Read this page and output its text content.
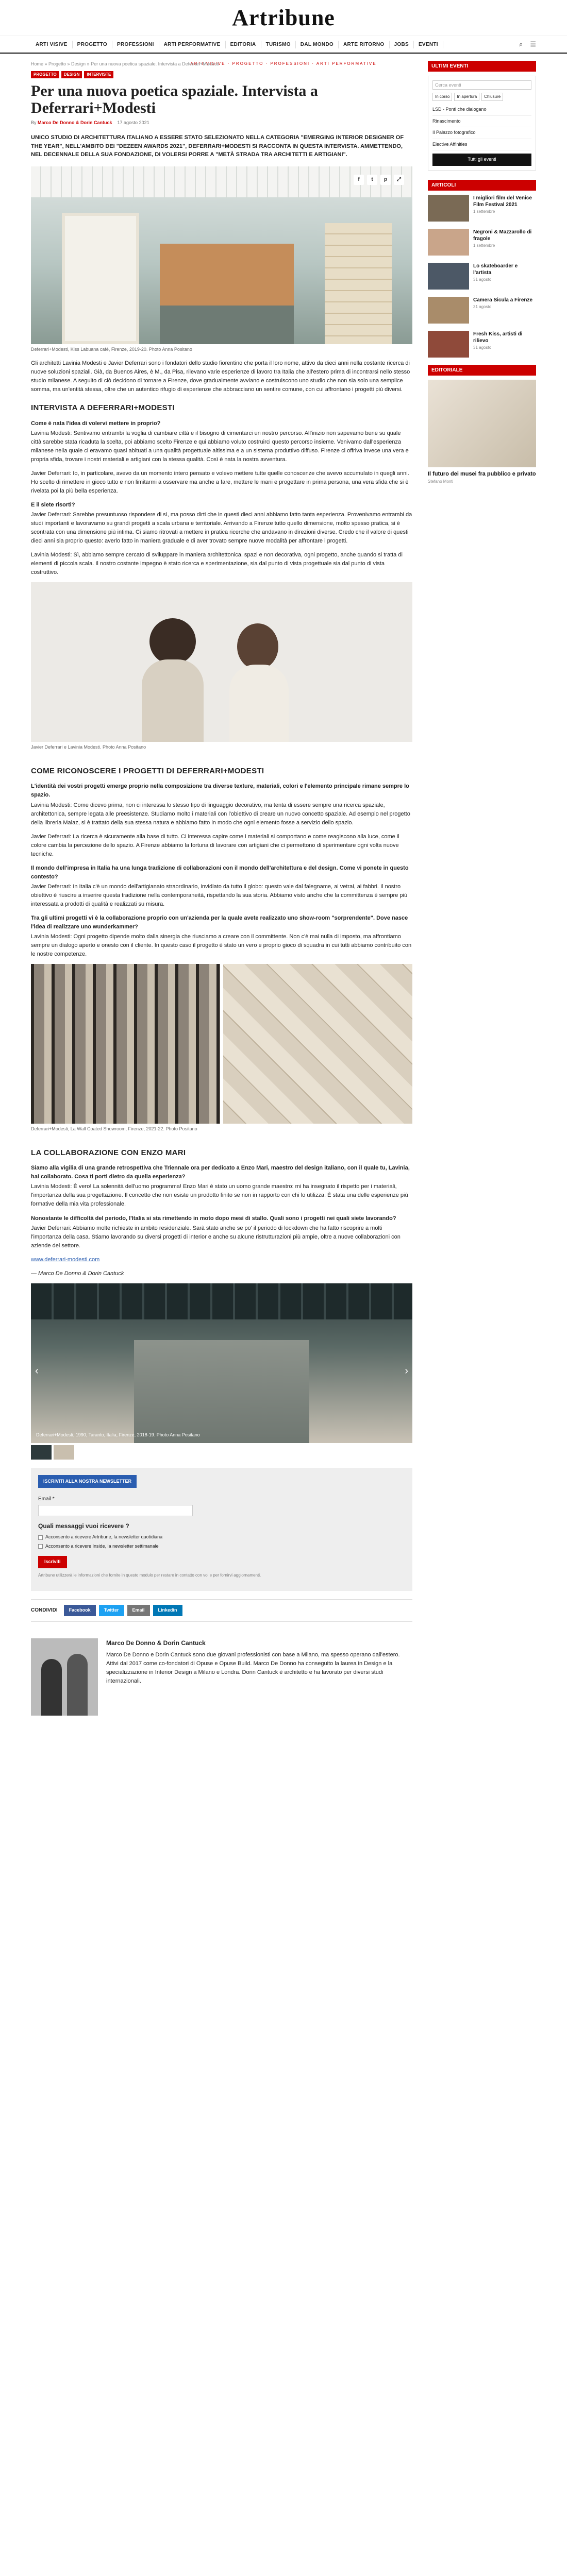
Artribune
ARTI VISIVE · PROGETTO · PROFESSIONI · ARTI PERFORMATIVE
ARTI VISIVE	PROGETTO	PROFESSIONI	ARTI PERFORMATIVE	EDITORIA	TURISMO	DAL MONDO	ARTE RITORNO	JOBS	EVENTI	⌕ ☰
Home » Progetto » Design » Per una nuova poetica spaziale. Intervista a Deferrari+Modesti
PROGETTO	DESIGN	INTERVISTE
Per una nuova poetica spaziale. Intervista a Deferrari+Modesti
By Marco De Donno & Dorin Cantuck 17 agosto 2021
UNICO STUDIO DI ARCHITETTURA ITALIANO A ESSERE STATO SELEZIONATO NELLA CATEGORIA "EMERGING INTERIOR DESIGNER OF THE YEAR", NELL'AMBITO DEI "DEZEEN AWARDS 2021", DEFERRARI+MODESTI SI RACCONTA IN QUESTA INTERVISTA. AMMETTENDO, NEL DECENNALE DELLA SUA FONDAZIONE, DI VOLERSI PORRE A "METÀ STRADA TRA ARCHITETTI E ARTIGIANI".
f	t	p	⤢
Deferrari+Modesti, Kiss Labuana café, Firenze, 2019-20. Photo Anna Positano

Gli architetti Lavinia Modesti e Javier Deferrari sono i fondatori dello studio fiorentino che porta il loro nome, attivo da dieci anni nella costante ricerca di nuove soluzioni spaziali. Già, da Buenos Aires, è M., da Pisa, rilevano varie esperienze di lavoro tra Italia che all'estero prima di incontrarsi nello stesso studio milanese. A seguito di ciò decidono di tornare a Firenze, dove gradualmente avviano e costruiscono uno studio che non sia solo una semplice somma, ma un'entità stessa, oltre che un autentico rifugio di esperienze che abbracciano un sentire comune, con cui affrontano i progetti più diversi.

INTERVISTA A DEFERRARI+MODESTI

Come è nata l'idea di volervi mettere in proprio?

Lavinia Modesti: Sentivamo entrambi la voglia di cambiare città e il bisogno di cimentarci un nostro percorso. All'inizio non sapevamo bene su quale città sarebbe stata ricaduta la scelta, poi abbiamo scelto Firenze e qui abbiamo voluto costruirci questo percorso insieme. Venivamo dall'esperienza milanese nella quale ci eravamo quasi abituati a una qualità progettuale altissima e a un sistema produttivo diffuso. Firenze ci offriva invece una vera e propria sfida, trovare i nostri materiali e artigiani con la stessa qualità. Così è nata la nostra avventura.

Javier Deferrari: Io, in particolare, avevo da un momento intero pensato e volevo mettere tutte quelle conoscenze che avevo accumulato in quegli anni. Ho scelto di rimettere in gioco tutto e non limitarmi a osservare ma anche a fare, mettere le mani e progettare in prima persona, una vera sfida che si è rivelata poi la più bella esperienza.

E il siete risorti?

Javier Deferrari: Sarebbe presuntuoso rispondere di sì, ma posso dirti che in questi dieci anni abbiamo fatto tanta esperienza. Provenivamo entrambi da studi importanti e lavoravamo su grandi progetti a scala urbana e territoriale. Arrivando a Firenze tutto quello dimensione, molto spesso pratica, si è scontrata con una dimensione più intima. Ci siamo ritrovati a mettere in pratica ricerche che andavano in direzioni diverse. Credo che il valore di questi dieci anni sia proprio questo: averlo fatto in maniera graduale e di aver trovato sempre nuove modalità per affrontare i progetti.

Lavinia Modesti: Sì, abbiamo sempre cercato di sviluppare in maniera architettonica, spazi e non decorativa, ogni progetto, anche quando si tratta di elementi di piccola scala. Il nostro costante impegno è stato ricerca e sperimentazione, sia dal punto di vista progettuale sia dal punto di vista costruttivo.

Javier Deferrari e Lavinia Modesti. Photo Anna Positano
COME RICONOSCERE I PROGETTI DI DEFERRARI+MODESTI

L'identità dei vostri progetti emerge proprio nella composizione tra diverse texture, materiali, colori e l'elemento principale rimane sempre lo spazio.

Lavinia Modesti: Come dicevo prima, non ci interessa lo stesso tipo di linguaggio decorativo, ma tenta di essere sempre una ricerca spaziale, architettonica, sempre legata alle preesistenze. Studiamo molto i materiali con l'obiettivo di creare un nuovo concetto spaziale. Ad esempio nel progetto della libreria Malaz, si è trattato della sua stessa natura e abbiamo fatto in modo che ogni elemento fosse a servizio dello spazio.

Javier Deferrari: La ricerca è sicuramente alla base di tutto. Ci interessa capire come i materiali si comportano e come reagiscono alla luce, come il colore cambia la percezione dello spazio. A Firenze abbiamo la fortuna di lavorare con artigiani che ci permettono di sperimentare ogni volta nuove tecniche.

Il mondo dell'impresa in Italia ha una lunga tradizione di collaborazioni con il mondo dell'architettura e del design. Come vi ponete in questo contesto?

Javier Deferrari: In Italia c'è un mondo dell'artigianato straordinario, invidiato da tutto il globo: questo vale dal falegname, ai vetrai, ai fabbri. Il nostro obiettivo è riuscire a inserire questa tradizione nella contemporaneità, rispettando la sua storia. Abbiamo visto anche che la committenza è sempre più interessata a prodotti di qualità e realizzati su misura.

Tra gli ultimi progetti vi è la collaborazione proprio con un'azienda per la quale avete realizzato uno show-room "sorprendente". Dove nasce l'idea di realizzare uno wunderkammer?

Lavinia Modesti: Ogni progetto dipende molto dalla sinergia che riusciamo a creare con il committente. Non c'è mai nulla di imposto, ma affrontiamo sempre un dialogo aperto e onesto con il cliente. In questo caso il progetto è stato un vero e proprio gioco di squadra in cui tutti abbiamo contribuito con le nostre competenze.

Deferrari+Modesti, La Wall Coated Showroom, Firenze, 2021-22. Photo Positano
LA COLLABORAZIONE CON ENZO MARI

Siamo alla vigilia di una grande retrospettiva che Triennale ora per dedicato a Enzo Mari, maestro del design italiano, con il quale tu, Lavinia, hai collaborato. Cosa ti porti dietro da quella esperienza?

Lavinia Modesti: È vero! La solennità dell'uomo programma! Enzo Mari è stato un uomo grande maestro: mi ha insegnato il rispetto per i materiali, l'importanza della sua progettazione. Il concetto che non esiste un prodotto finito se non in rapporto con chi lo utilizza. È stata una delle esperienze più formative della mia vita professionale.

Nonostante le difficoltà del periodo, l'Italia si sta rimettendo in moto dopo mesi di stallo. Quali sono i progetti nei quali siete lavorando?

Javier Deferrari: Abbiamo molte richieste in ambito residenziale. Sarà stato anche se po' il periodo di lockdown che ha fatto riscoprire a molti l'importanza della casa. Stiamo lavorando su diversi progetti di interior e anche su alcune ristrutturazioni più ampie, oltre a nuove collaborazioni con aziende del settore.

www.deferrari-modesti.com

— Marco De Donno & Dorin Cantuck

Deferrari+Modesti, 1990, Taranto, Italia, Firenze, 2018-19. Photo Anna Positano
‹	›
ISCRIVITI ALLA NOSTRA NEWSLETTER
Email *
Quali messaggi vuoi ricevere ?
Acconsento a ricevere Artribune, la newsletter quotidiana
Acconsento a ricevere Inside, la newsletter settimanale
Iscriviti

Artribune utilizzerà le informazioni che fornite in questo modulo per restare in contatto con voi e per fornirvi aggiornamenti.

CONDIVIDI	Facebook	Twitter	Email	Linkedin
Marco De Donno & Dorin Cantuck

Marco De Donno e Dorin Cantuck sono due giovani professionisti con base a Milano, ma spesso operano dall'estero. Attivi dal 2017 come co-fondatori di Opuse e Opuse Build. Marco De Donno ha conseguito la laurea in Design e la specializzazione in Interior Design a Milano e Londra. Dorin Cantuck è architetto e ha lavorato per diversi studi internazionali.

ULTIMI EVENTI
Cerca eventi
In corso	In apertura	Chiusure
LSD - Ponti che dialogano
Rinascimento
Il Palazzo fotografico
Elective Affinities
Tutti gli eventi
ARTICOLI
I migliori film del Venice Film Festival 2021
1 settembre
Negroni & Mazzarollo di fragole
1 settembre
Lo skateboarder e l'artista
31 agosto
Camera Sicula a Firenze
31 agosto
Fresh Kiss, artisti di rilievo
31 agosto
EDITORIALE
Il futuro dei musei fra pubblico e privato
Stefano Monti
